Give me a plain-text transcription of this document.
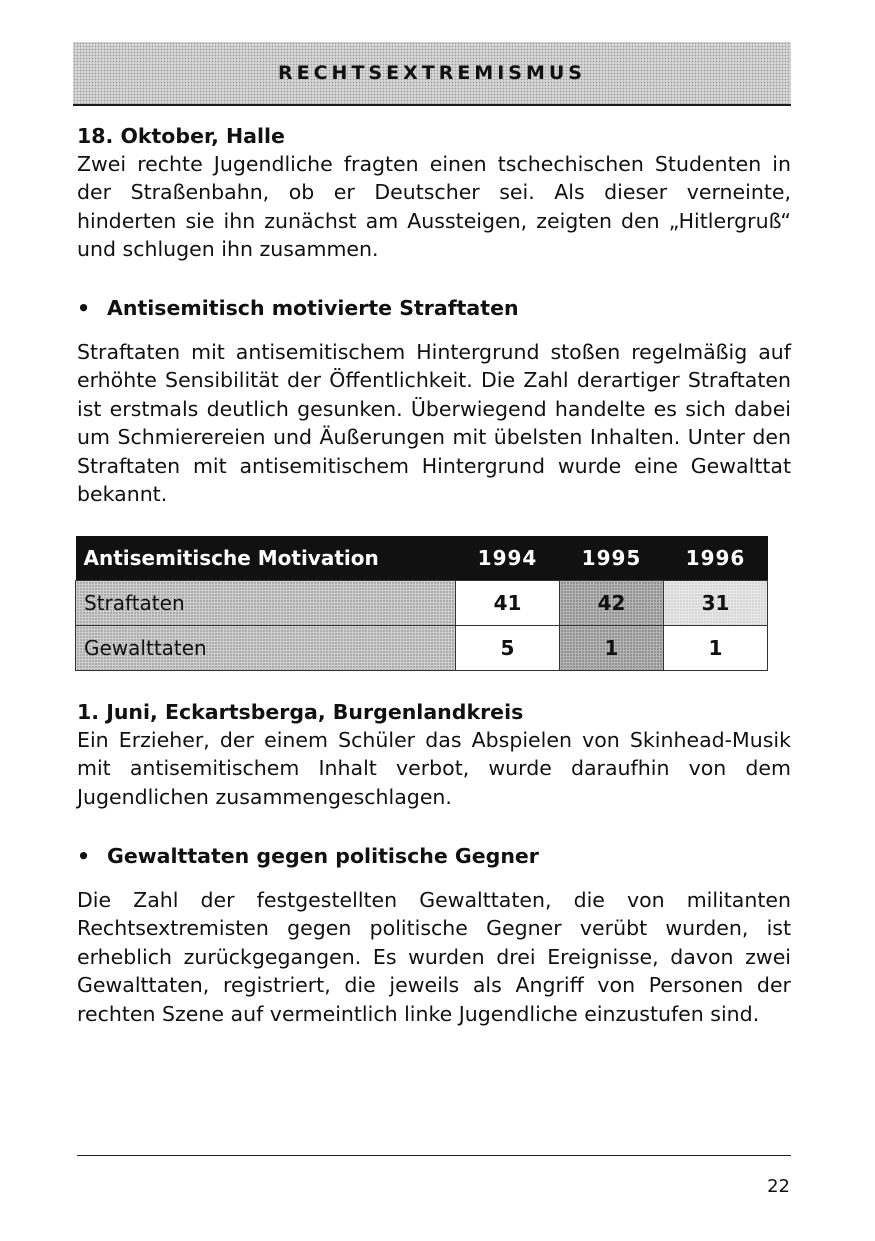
RECHTSEXTREMISMUS
18. Oktober, Halle
Zwei rechte Jugendliche fragten einen tschechischen Studenten in der Straßenbahn, ob er Deutscher sei. Als dieser verneinte, hinderten sie ihn zunächst am Aussteigen, zeigten den „Hitlergruß“ und schlugen ihn zusammen.
• Antisemitisch motivierte Straftaten
Straftaten mit antisemitischem Hintergrund stoßen regelmäßig auf erhöhte Sensibilität der Öffentlichkeit. Die Zahl derartiger Straftaten ist erstmals deutlich gesunken. Überwiegend handelte es sich dabei um Schmierereien und Äußerungen mit übelsten Inhalten. Unter den Straftaten mit antisemitischem Hintergrund wurde eine Gewalttat bekannt.
Antisemitische Motivation	1994	1995	1996
Straftaten	41	42	31
Gewalttaten	5	1	1
1. Juni, Eckartsberga, Burgenlandkreis
Ein Erzieher, der einem Schüler das Abspielen von Skinhead-Musik mit antisemitischem Inhalt verbot, wurde daraufhin von dem Jugendlichen zusammengeschlagen.
• Gewalttaten gegen politische Gegner
Die Zahl der festgestellten Gewalttaten, die von militanten Rechtsextremisten gegen politische Gegner verübt wurden, ist erheblich zurückgegangen. Es wurden drei Ereignisse, davon zwei Gewalttaten, registriert, die jeweils als Angriff von Personen der rechten Szene auf vermeintlich linke Jugendliche einzustufen sind.
22
